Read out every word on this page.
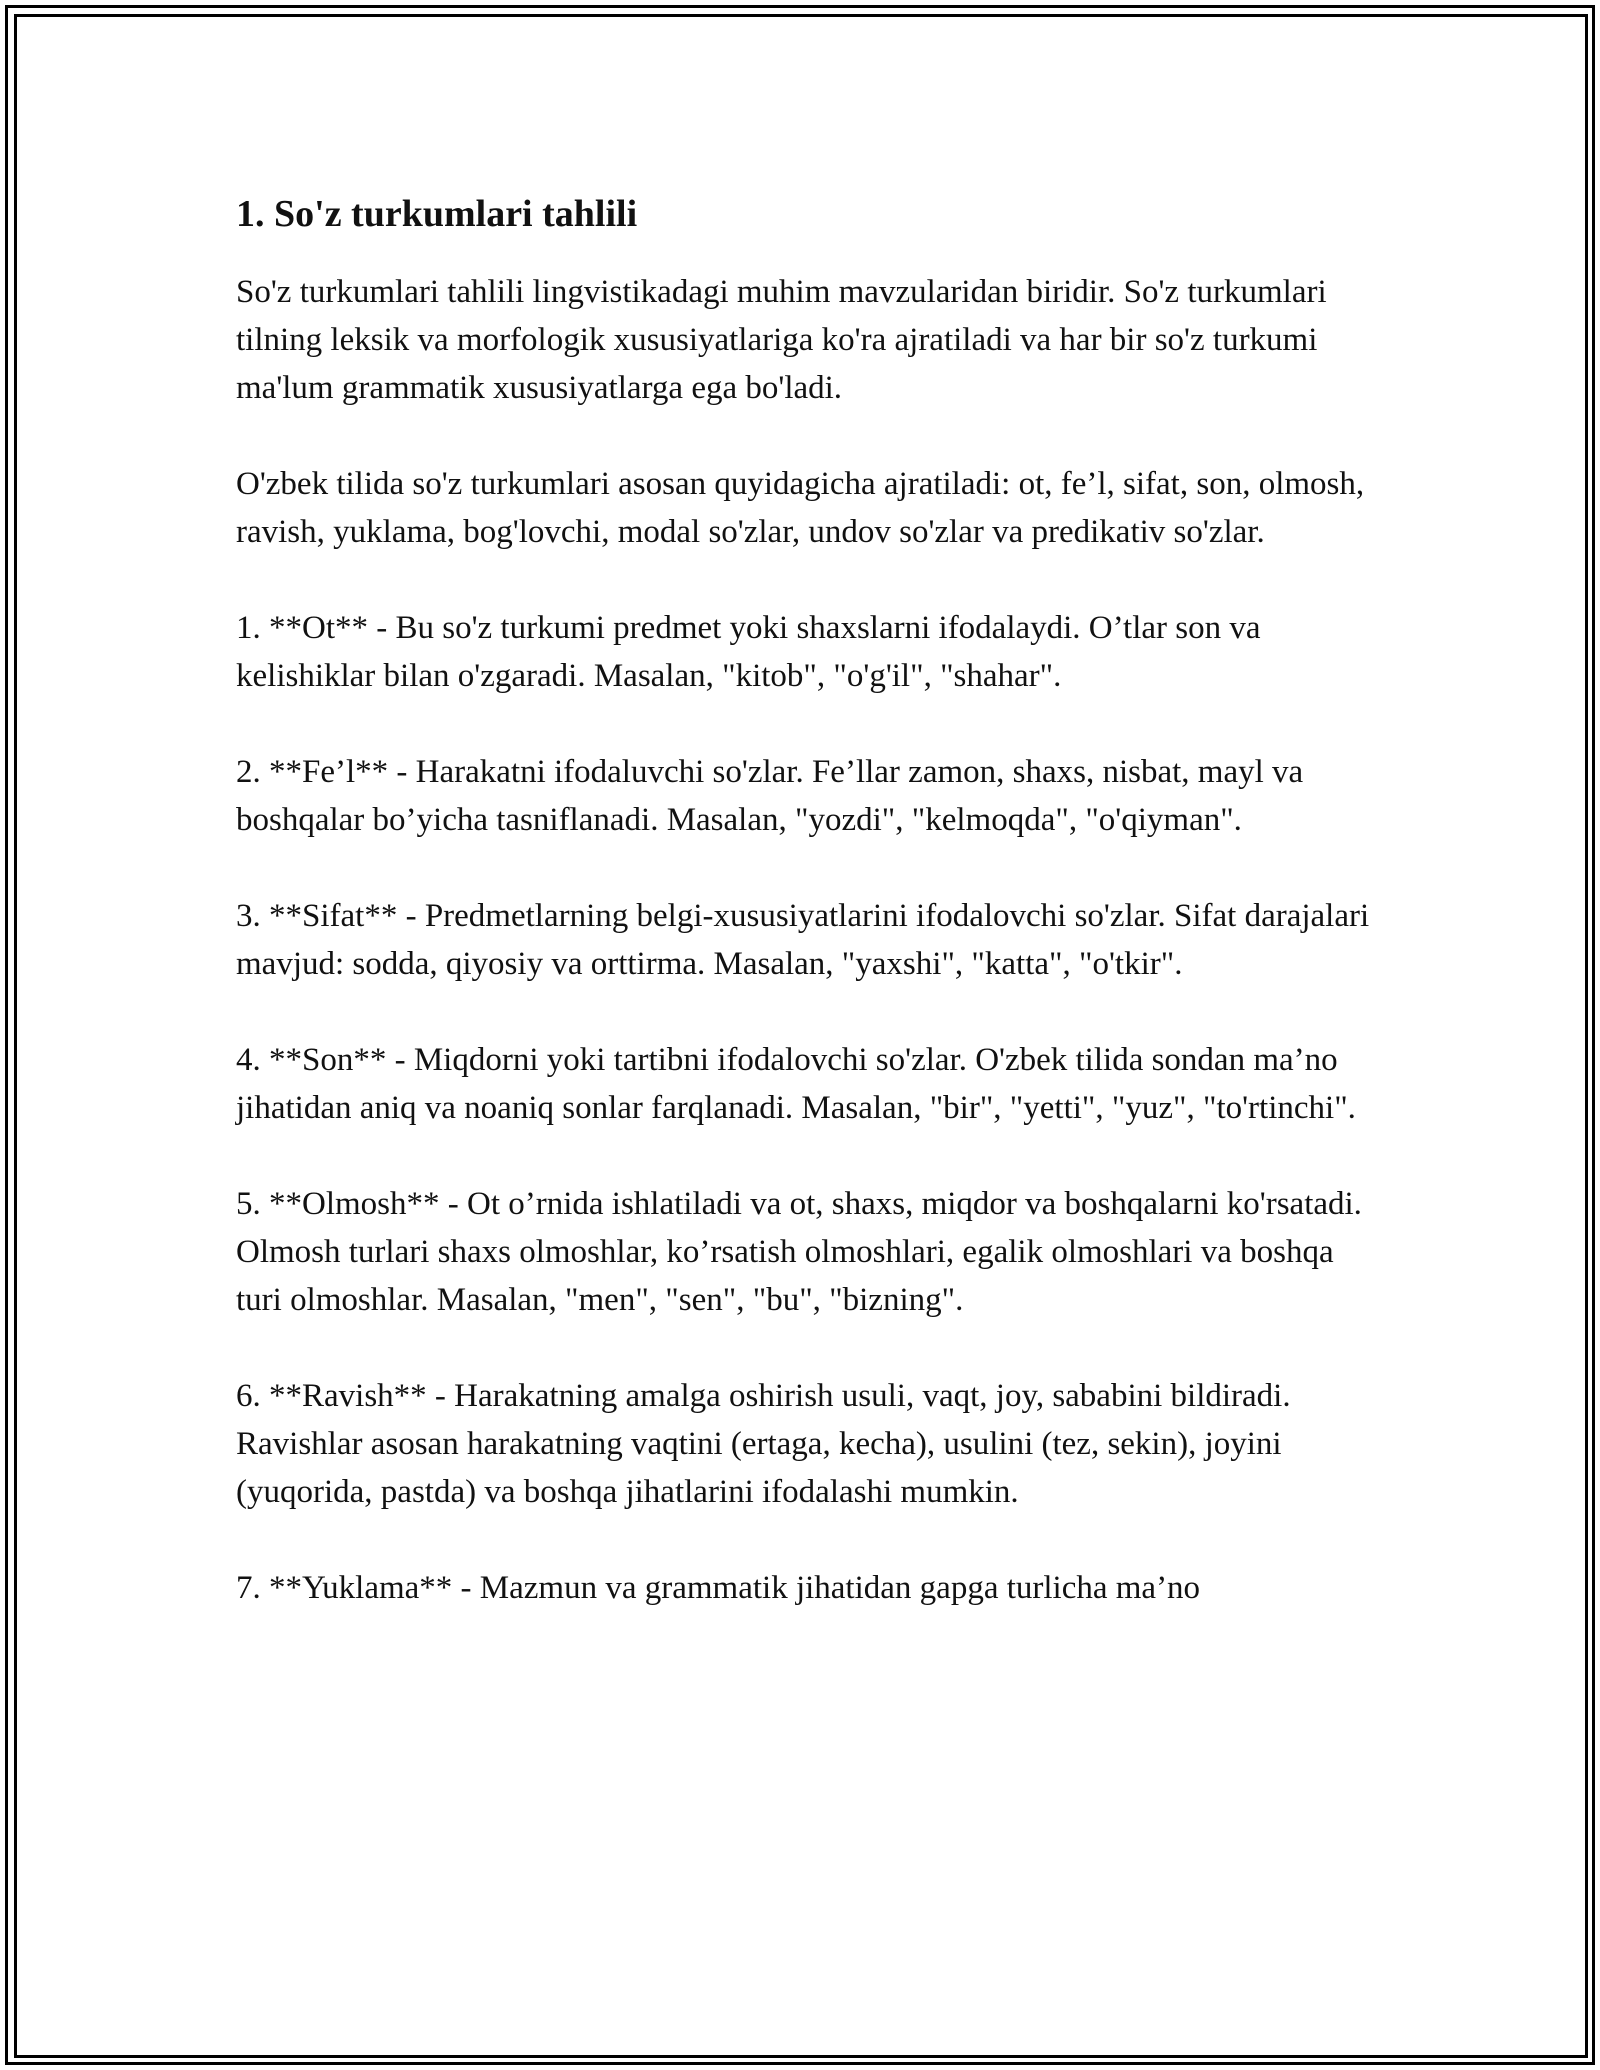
1. So'z turkumlari tahlili

So'z turkumlari tahlili lingvistikadagi muhim mavzularidan biridir. So'z turkumlari tilning leksik va morfologik xususiyatlariga ko'ra ajratiladi va har bir so'z turkumi ma'lum grammatik xususiyatlarga ega bo'ladi.

O'zbek tilida so'z turkumlari asosan quyidagicha ajratiladi: ot, fe’l, sifat, son, olmosh, ravish, yuklama, bog'lovchi, modal so'zlar, undov so'zlar va predikativ so'zlar.

1. **Ot** - Bu so'z turkumi predmet yoki shaxslarni ifodalaydi. O’tlar son va kelishiklar bilan o'zgaradi. Masalan, "kitob", "o'g'il", "shahar".

2. **Fe’l** - Harakatni ifodaluvchi so'zlar. Fe’llar zamon, shaxs, nisbat, mayl va boshqalar bo’yicha tasniflanadi. Masalan, "yozdi", "kelmoqda", "o'qiyman".

3. **Sifat** - Predmetlarning belgi-xususiyatlarini ifodalovchi so'zlar. Sifat darajalari mavjud: sodda, qiyosiy va orttirma. Masalan, "yaxshi", "katta", "o'tkir".

4. **Son** - Miqdorni yoki tartibni ifodalovchi so'zlar. O'zbek tilida sondan ma’no jihatidan aniq va noaniq sonlar farqlanadi. Masalan, "bir", "yetti", "yuz", "to'rtinchi".

5. **Olmosh** - Ot o’rnida ishlatiladi va ot, shaxs, miqdor va boshqalarni ko'rsatadi. Olmosh turlari shaxs olmoshlar, ko’rsatish olmoshlari, egalik olmoshlari va boshqa turi olmoshlar. Masalan, "men", "sen", "bu", "bizning".

6. **Ravish** - Harakatning amalga oshirish usuli, vaqt, joy, sababini bildiradi. Ravishlar asosan harakatning vaqtini (ertaga, kecha), usulini (tez, sekin), joyini (yuqorida, pastda) va boshqa jihatlarini ifodalashi mumkin.

7. **Yuklama** - Mazmun va grammatik jihatidan gapga turlicha ma’no
